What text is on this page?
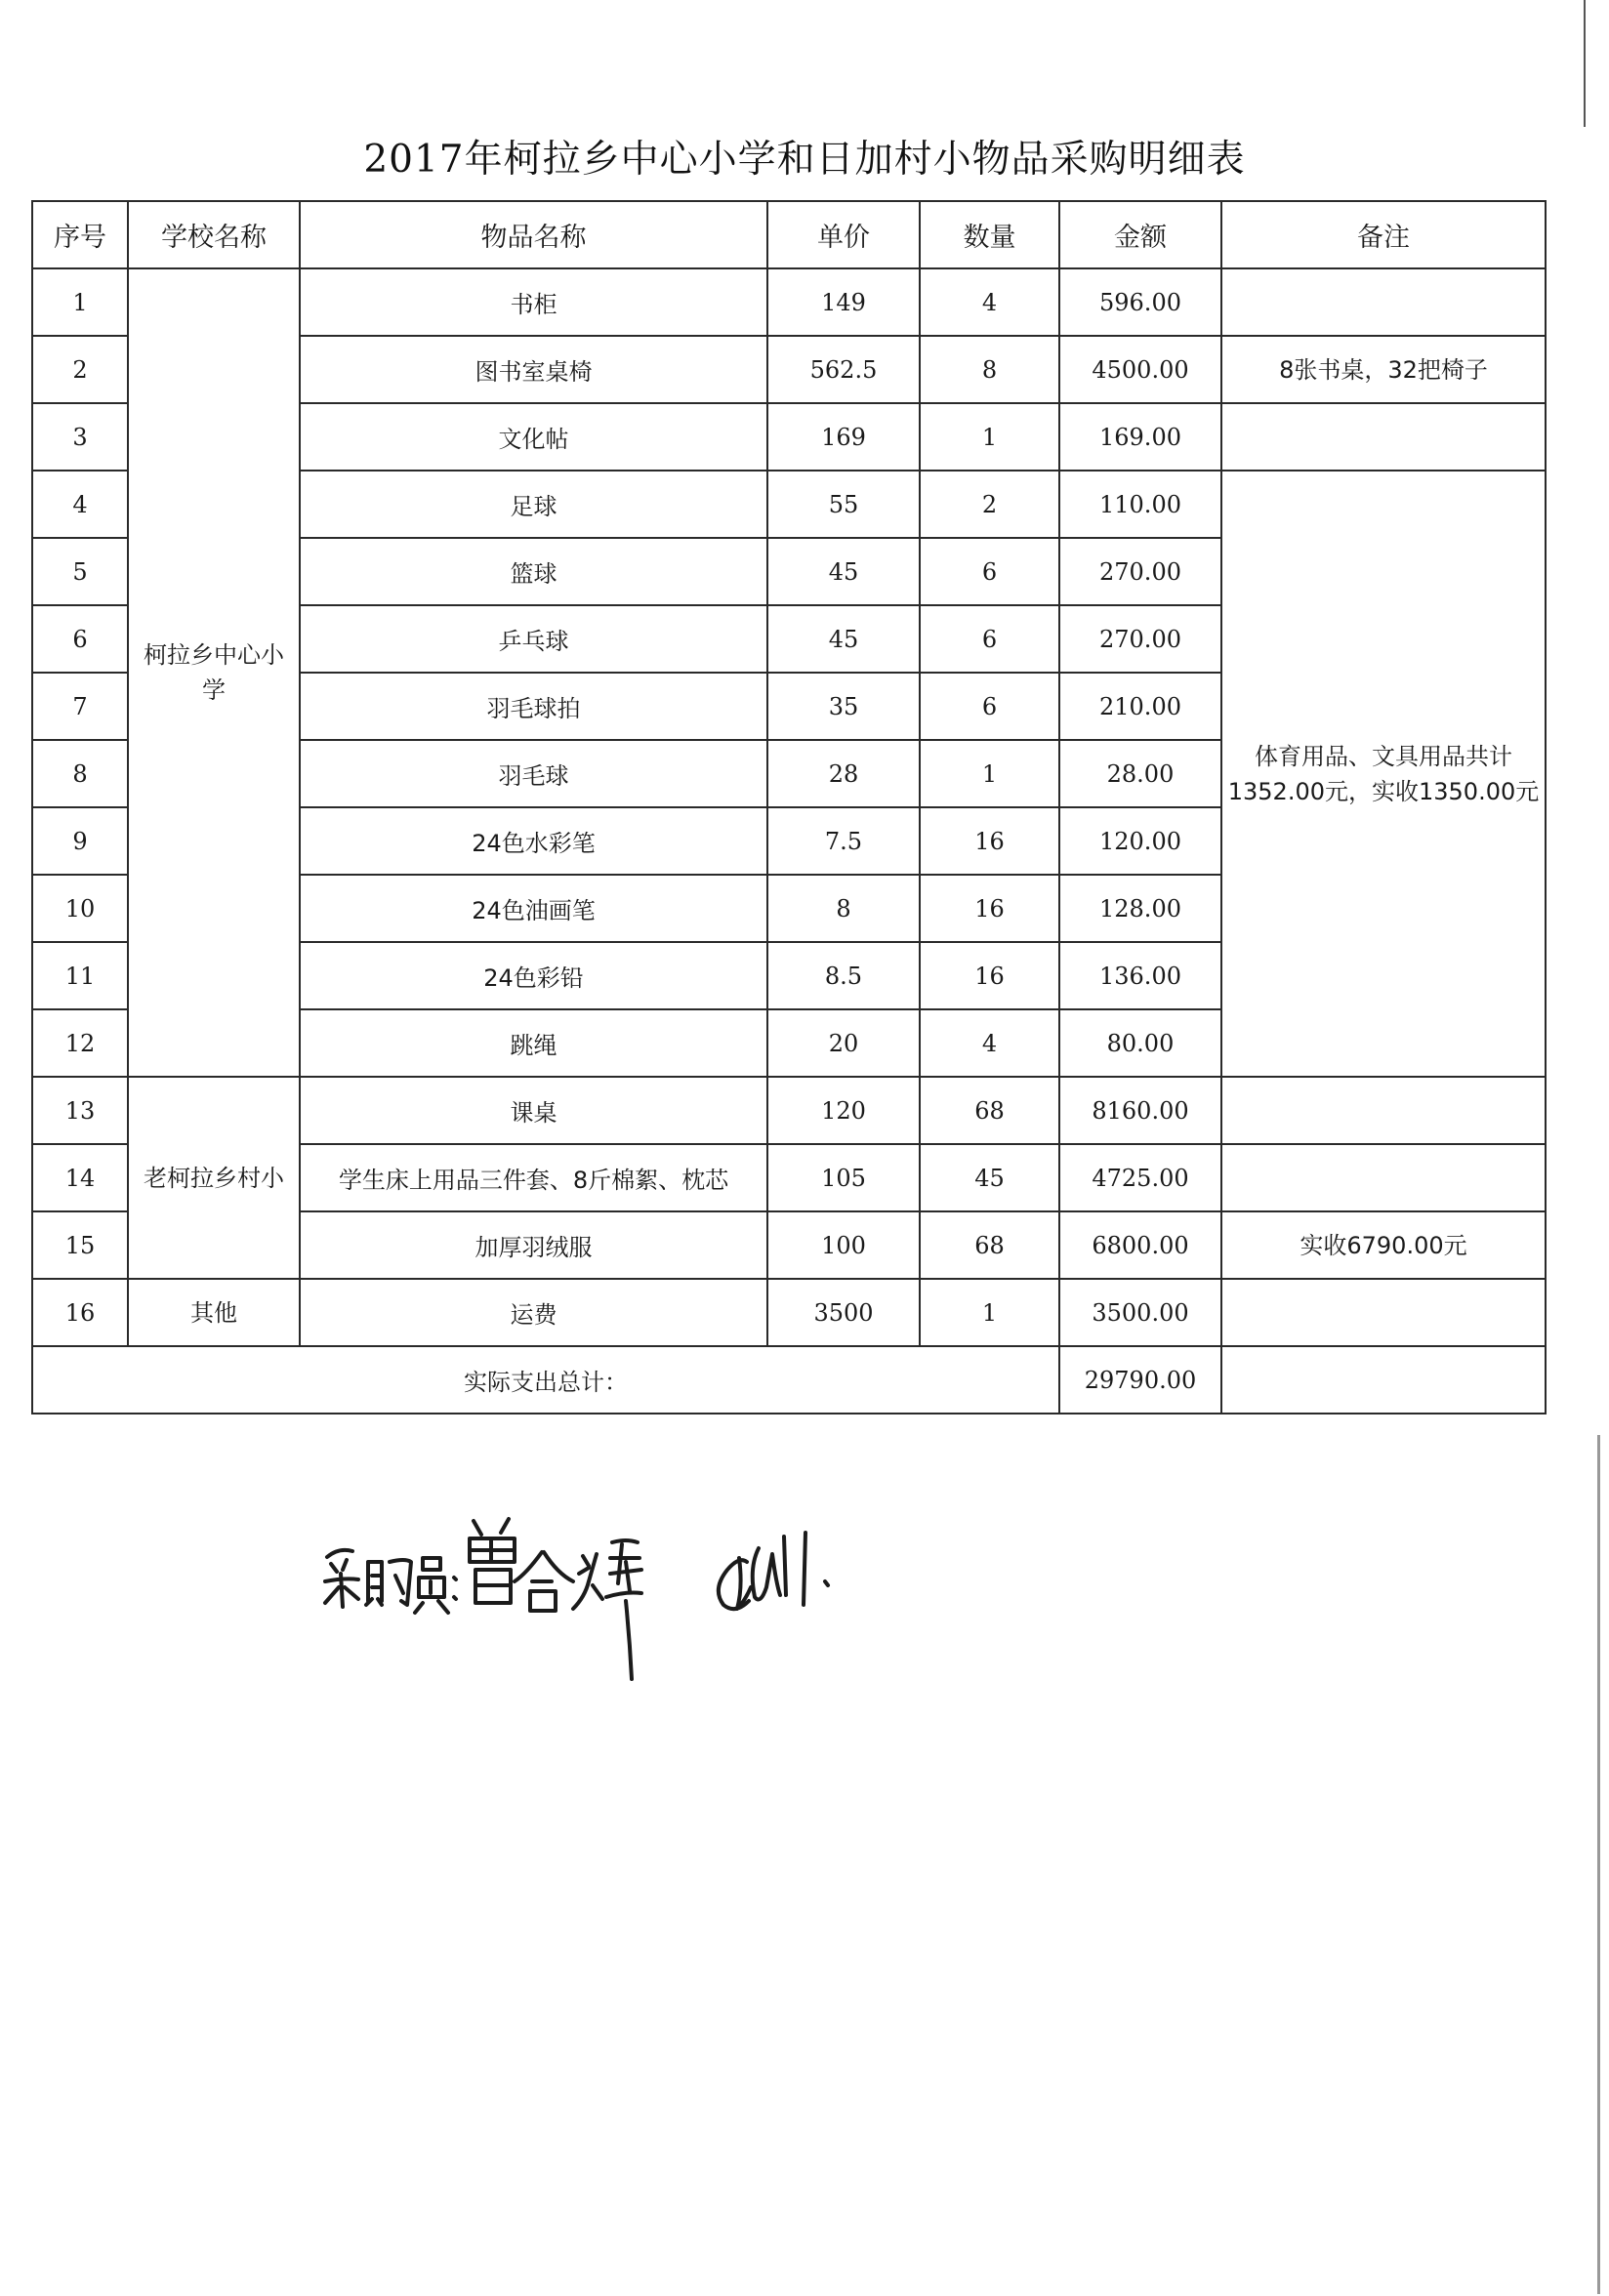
2017年柯拉乡中心小学和日加村小物品采购明细表
序号	学校名称	物品名称	单价	数量	金额	备注
1	柯拉乡中心小学	书柜	149	4	596.00	
2		图书室桌椅	562.5	8	4500.00	8张书桌，32把椅子
3		文化帖	169	1	169.00	
4		足球	55	2	110.00	体育用品、文具用品共计1352.00元，实收1350.00元
5		篮球	45	6	270.00	
6		乒乓球	45	6	270.00	
7		羽毛球拍	35	6	210.00	
8		羽毛球	28	1	28.00	
9		24色水彩笔	7.5	16	120.00	
10		24色油画笔	8	16	128.00	
11		24色彩铅	8.5	16	136.00	
12		跳绳	20	4	80.00	
13	老柯拉乡村小	课桌	120	68	8160.00	
14		学生床上用品三件套、8斤棉絮、枕芯	105	45	4725.00	
15		加厚羽绒服	100	68	6800.00	实收6790.00元
16	其他	运费	3500	1	3500.00	
实际支出总计：					29790.00	
